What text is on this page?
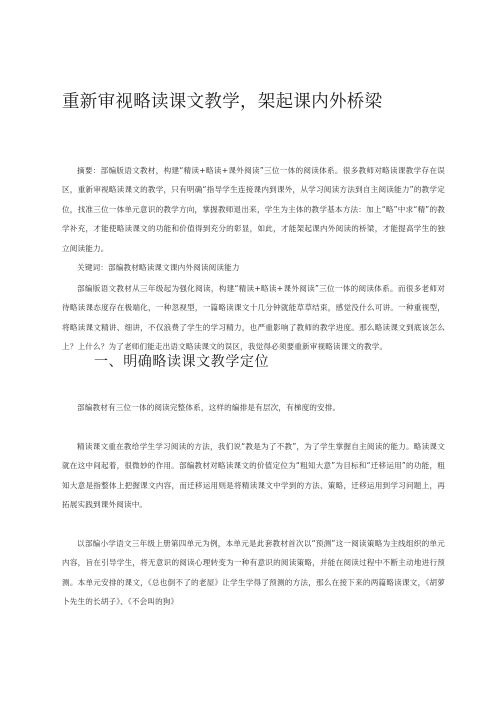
重新审视略读课文教学，架起课内外桥梁

摘要：部编版语文教材，构建“精读+略读+课外阅读”三位一体的阅读体系。很多教师对略读课教学存在误区，重新审视略读课文的教学，只有明确“指导学生连接课内到课外，从学习阅读方法到自主阅读能力”的教学定位，找准三位一体单元意识的教学方向，掌握教师退出来，学生为主体的教学基本方法：加上“略”中求“精”的教学补充，才能使略读课文的功能和价值得到充分的彰显，如此，才能架起课内外阅读的桥梁，才能提高学生的独立阅读能力。

关键词：部编教材略读课文课内外阅读阅读能力

部编版语文教材从三年级起为强化阅读，构建“精读+略读+课外阅读”三位一体的阅读体系。而很多老师对待略读课态度存在极端化，一种忽视型，一篇略读课文十几分钟就能草草结束，感觉没什么可讲。一种重视型，将略读课文精讲、细讲，不仅浪费了学生的学习精力，也严重影响了教师的教学进度。那么略读课文到底该怎么上？上什么？为了老师们能走出语文略读课文的误区，我觉得必须要重新审视略读课文的教学。

一、明确略读课文教学定位

部编教材有三位一体的阅读完整体系，这样的编排是有层次，有梯度的安排。

精读课文重在教给学生学习阅读的方法，我们说“教是为了不教”，为了学生掌握自主阅读的能力。略读课文就在这中间起着，很微妙的作用。部编教材对略读课文的价值定位为“粗知大意”为目标和“迁移运用”的功能，粗知大意是指整体上把握课文内容，而迁移运用则是将精读课文中学到的方法、策略，迁移运用到学习问题上，再拓展实践到课外阅读中。

以部编小学语文三年级上册第四单元为例，本单元是此套教材首次以“预测”这一阅读策略为主线组织的单元内容，旨在引导学生，将无意识的阅读心理转变为一种有意识的阅读策略，并能在阅读过程中不断主动地进行预测。本单元安排的课文，《总也倒不了的老屋》让学生学得了预测的方法，那么在接下来的两篇略读课文，《胡萝卜先生的长胡子》、《不会叫的狗》
